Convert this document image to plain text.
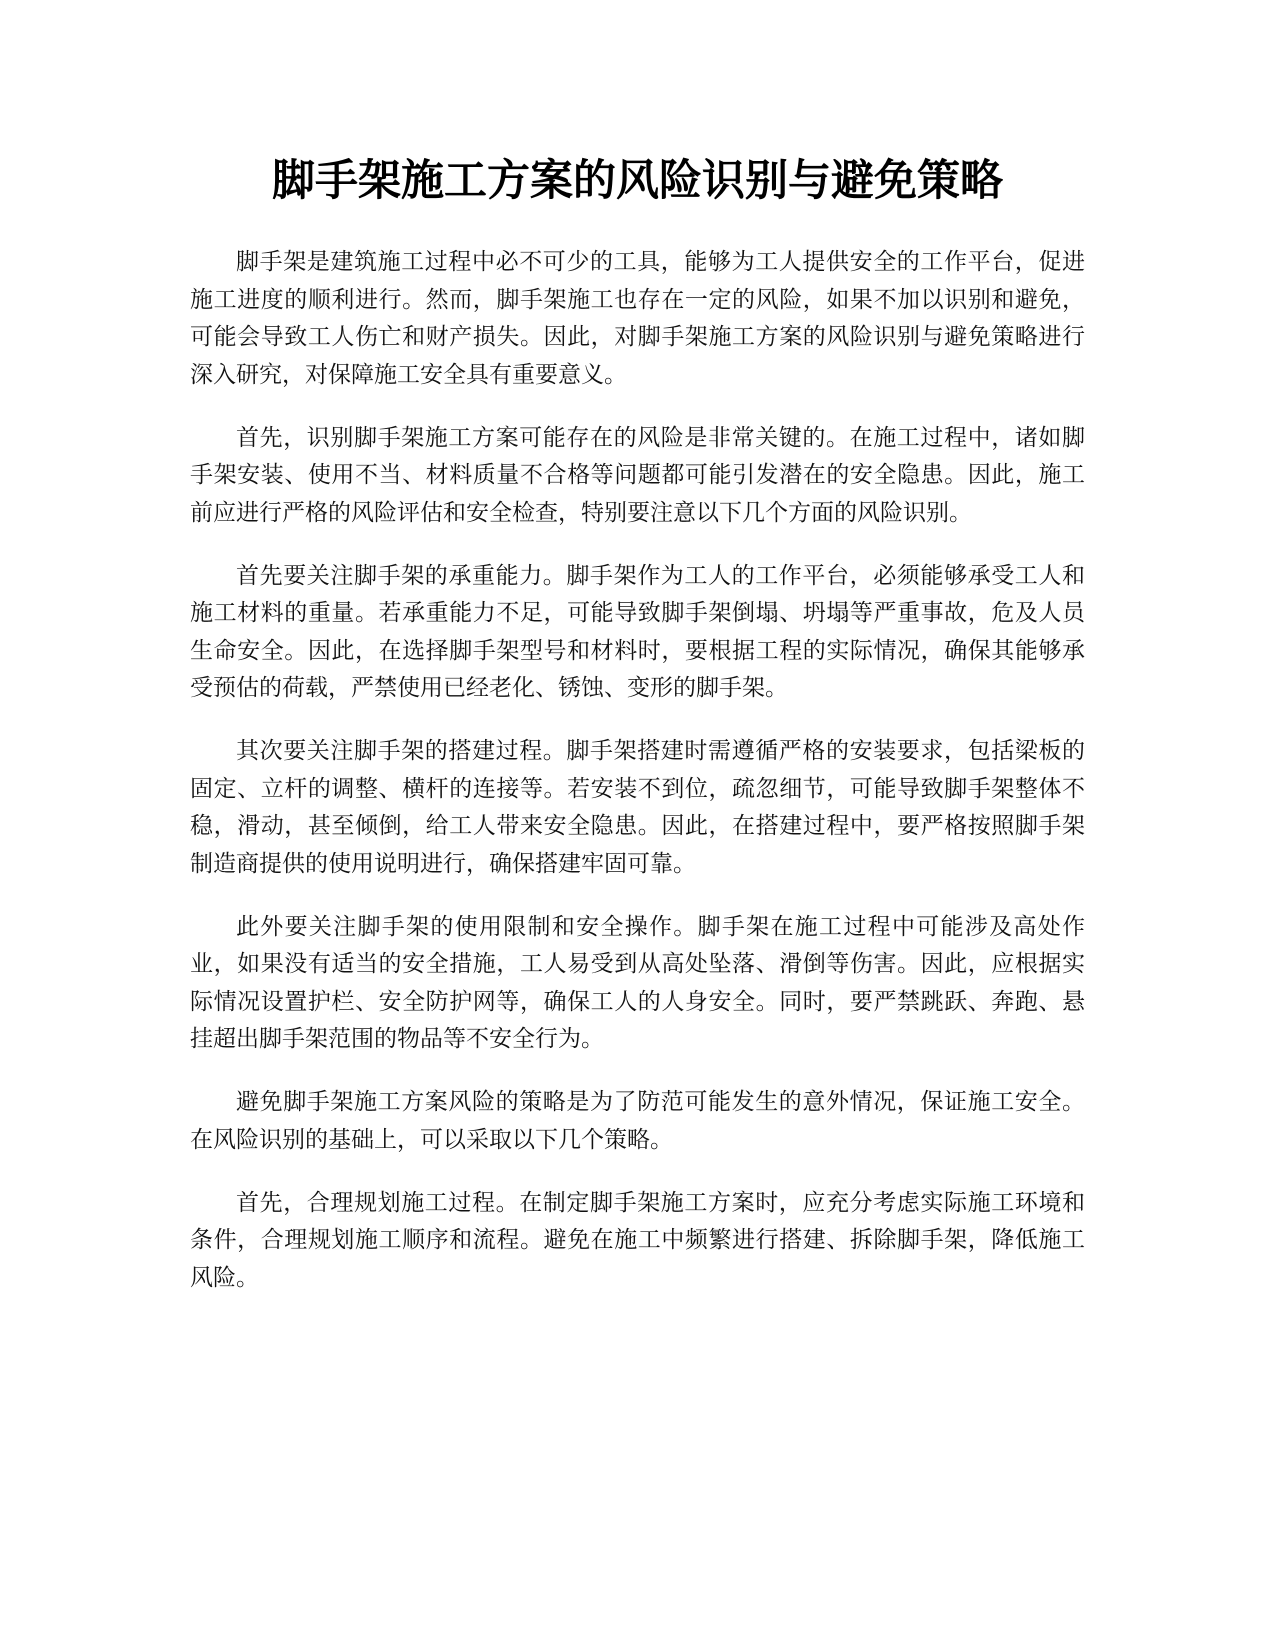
脚手架施工方案的风险识别与避免策略

脚手架是建筑施工过程中必不可少的工具，能够为工人提供安全的工作平台，促进施工进度的顺利进行。然而，脚手架施工也存在一定的风险，如果不加以识别和避免，可能会导致工人伤亡和财产损失。因此，对脚手架施工方案的风险识别与避免策略进行深入研究，对保障施工安全具有重要意义。

首先，识别脚手架施工方案可能存在的风险是非常关键的。在施工过程中，诸如脚手架安装、使用不当、材料质量不合格等问题都可能引发潜在的安全隐患。因此，施工前应进行严格的风险评估和安全检查，特别要注意以下几个方面的风险识别。

首先要关注脚手架的承重能力。脚手架作为工人的工作平台，必须能够承受工人和施工材料的重量。若承重能力不足，可能导致脚手架倒塌、坍塌等严重事故，危及人员生命安全。因此，在选择脚手架型号和材料时，要根据工程的实际情况，确保其能够承受预估的荷载，严禁使用已经老化、锈蚀、变形的脚手架。

其次要关注脚手架的搭建过程。脚手架搭建时需遵循严格的安装要求，包括梁板的固定、立杆的调整、横杆的连接等。若安装不到位，疏忽细节，可能导致脚手架整体不稳，滑动，甚至倾倒，给工人带来安全隐患。因此，在搭建过程中，要严格按照脚手架制造商提供的使用说明进行，确保搭建牢固可靠。

此外要关注脚手架的使用限制和安全操作。脚手架在施工过程中可能涉及高处作业，如果没有适当的安全措施，工人易受到从高处坠落、滑倒等伤害。因此，应根据实际情况设置护栏、安全防护网等，确保工人的人身安全。同时，要严禁跳跃、奔跑、悬挂超出脚手架范围的物品等不安全行为。

避免脚手架施工方案风险的策略是为了防范可能发生的意外情况，保证施工安全。在风险识别的基础上，可以采取以下几个策略。

首先，合理规划施工过程。在制定脚手架施工方案时，应充分考虑实际施工环境和条件，合理规划施工顺序和流程。避免在施工中频繁进行搭建、拆除脚手架，降低施工风险。
